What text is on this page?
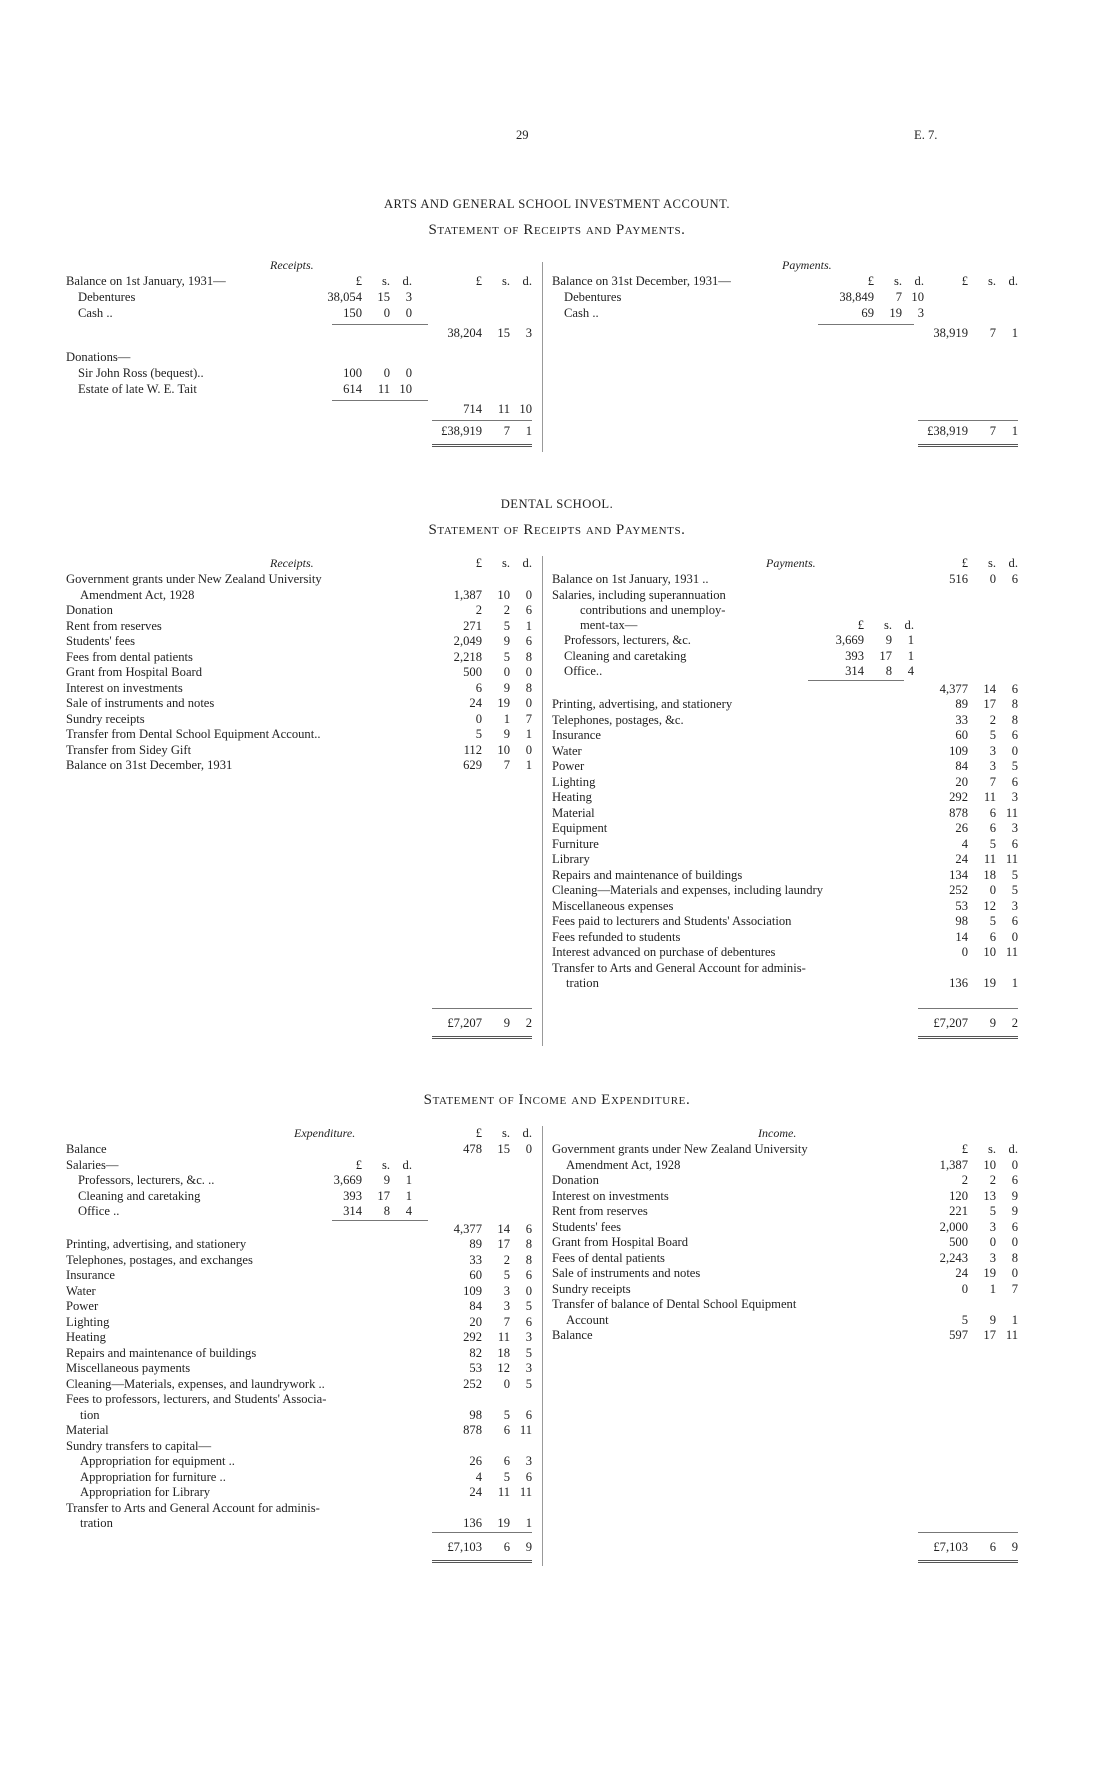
29	E. 7.
ARTS AND GENERAL SCHOOL INVESTMENT ACCOUNT.
Statement of Receipts and Payments.
Receipts.
£	s. d.	£	s. d.
Balance on 1st January, 1931—
Debentures	38,054	15	3
Cash ..	150	0	0
38,204	15	3
Donations—
Sir John Ross (bequest)..	100	0	0
Estate of late W. E. Tait	614	11 10
714	11 10
£38,919	7	1
Payments.
£	s. d.	£	s. d.
Balance on 31st December, 1931—
Debentures	38,849	7 10
Cash ..	69	19	3
38,919	7	1
£38,919	7	1
DENTAL SCHOOL.
Statement of Receipts and Payments.
Receipts.	£	s. d.
Government grants under New Zealand University
Amendment Act, 1928	1,387	10	0
Donation	2	2	6
Rent from reserves	271	5	1
Students' fees	2,049	9	6
Fees from dental patients	2,218	5	8
Grant from Hospital Board	500	0	0
Interest on investments	6	9	8
Sale of instruments and notes	24	19	0
Sundry receipts	0	1	7
Transfer from Dental School Equipment Account..	5	9	1
Transfer from Sidey Gift	112	10	0
Balance on 31st December, 1931	629	7	1
£7,207	9	2
Payments.	£	s. d.
Balance on 1st January, 1931 ..	516	0	6
Salaries, including superannuation
contributions and unemploy-
ment-tax—	£	s. d.
Professors, lecturers, &c.	3,669	9	1
Cleaning and caretaking	393	17	1
Office..	314	8	4
4,377	14	6
Printing, advertising, and stationery	89	17	8
Telephones, postages, &c.	33	2	8
Insurance	60	5	6
Water	109	3	0
Power	84	3	5
Lighting	20	7	6
Heating	292	11	3
Material	878	6 11
Equipment	26	6	3
Furniture	4	5	6
Library	24	11 11
Repairs and maintenance of buildings	134	18	5
Cleaning—Materials and expenses, including laundry	252	0	5
Miscellaneous expenses	53	12	3
Fees paid to lecturers and Students' Association	98	5	6
Fees refunded to students	14	6	0
Interest advanced on purchase of debentures	0	10 11
Transfer to Arts and General Account for adminis-
tration	136	19	1
£7,207	9	2
Statement of Income and Expenditure.
Expenditure.	£	s. d.
Balance	478	15	0
Salaries—	£	s. d.
Professors, lecturers, &c. ..	3,669	9	1
Cleaning and caretaking	393	17	1
Office ..	314	8	4
4,377	14	6
Printing, advertising, and stationery	89	17	8
Telephones, postages, and exchanges	33	2	8
Insurance	60	5	6
Water	109	3	0
Power	84	3	5
Lighting	20	7	6
Heating	292	11	3
Repairs and maintenance of buildings	82	18	5
Miscellaneous payments	53	12	3
Cleaning—Materials, expenses, and laundrywork ..	252	0	5
Fees to professors, lecturers, and Students' Associa-
tion	98	5	6
Material	878	6 11
Sundry transfers to capital—
Appropriation for equipment ..	26	6	3
Appropriation for furniture ..	4	5	6
Appropriation for Library	24	11 11
Transfer to Arts and General Account for adminis-
tration	136	19	1
£7,103	6	9
Income.
£	s. d.
Government grants under New Zealand University
Amendment Act, 1928	1,387	10	0
Donation	2	2	6
Interest on investments	120	13	9
Rent from reserves	221	5	9
Students' fees	2,000	3	6
Grant from Hospital Board	500	0	0
Fees of dental patients	2,243	3	8
Sale of instruments and notes	24	19	0
Sundry receipts	0	1	7
Transfer of balance of Dental School Equipment
Account	5	9	1
Balance	597	17 11
£7,103	6	9
